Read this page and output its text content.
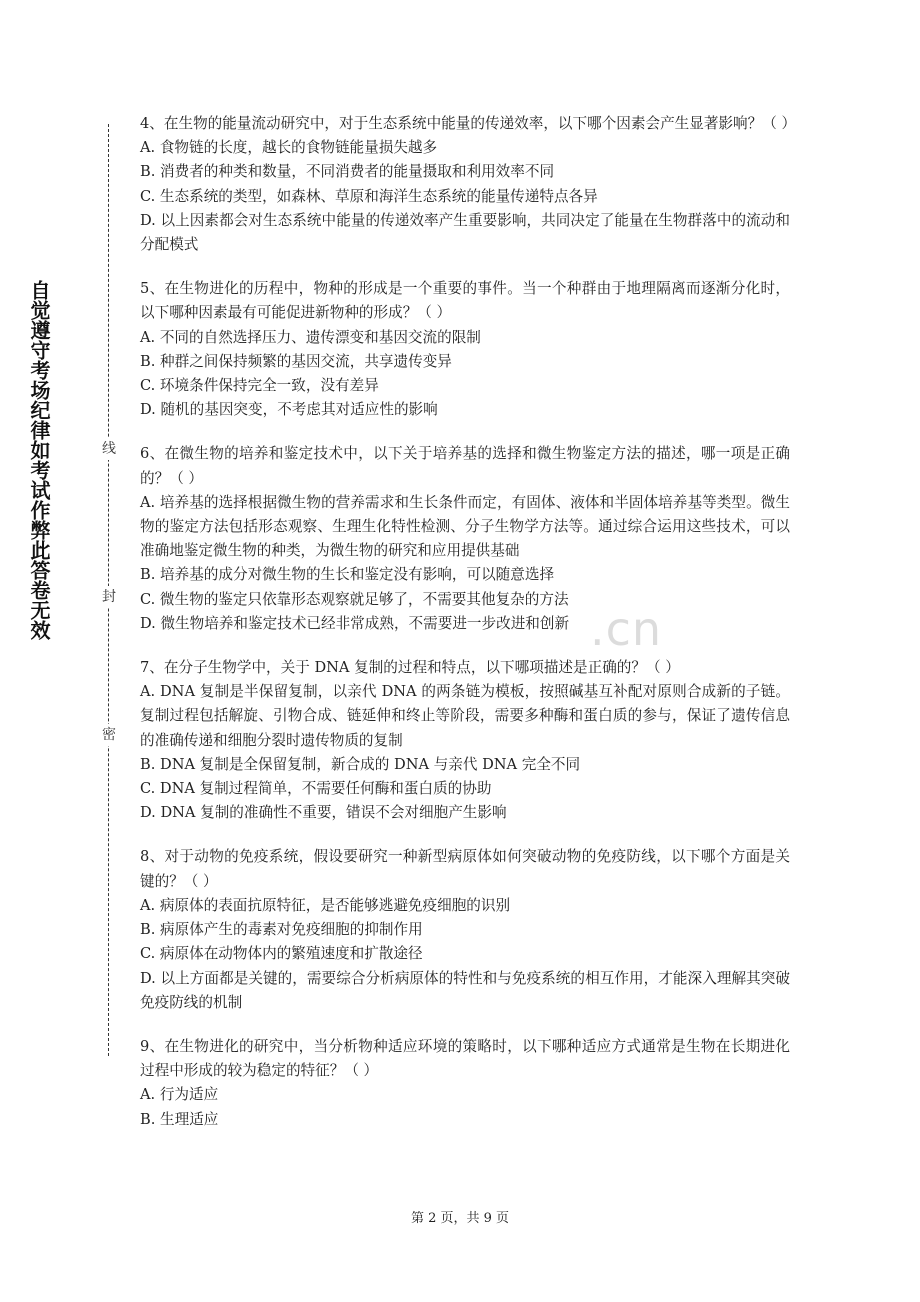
自觉遵守考场纪律如考试作弊此答卷无效	线
封
密
.cn

4、在生物的能量流动研究中，对于生态系统中能量的传递效率，以下哪个因素会产生显著影响？（ ）

A. 食物链的长度，越长的食物链能量损失越多

B. 消费者的种类和数量，不同消费者的能量摄取和利用效率不同

C. 生态系统的类型，如森林、草原和海洋生态系统的能量传递特点各异

D. 以上因素都会对生态系统中能量的传递效率产生重要影响，共同决定了能量在生物群落中的流动和分配模式

5、在生物进化的历程中，物种的形成是一个重要的事件。当一个种群由于地理隔离而逐渐分化时，以下哪种因素最有可能促进新物种的形成？（ ）

A. 不同的自然选择压力、遗传漂变和基因交流的限制

B. 种群之间保持频繁的基因交流，共享遗传变异

C. 环境条件保持完全一致，没有差异

D. 随机的基因突变，不考虑其对适应性的影响

6、在微生物的培养和鉴定技术中，以下关于培养基的选择和微生物鉴定方法的描述，哪一项是正确的？（ ）

A. 培养基的选择根据微生物的营养需求和生长条件而定，有固体、液体和半固体培养基等类型。微生物的鉴定方法包括形态观察、生理生化特性检测、分子生物学方法等。通过综合运用这些技术，可以准确地鉴定微生物的种类，为微生物的研究和应用提供基础

B. 培养基的成分对微生物的生长和鉴定没有影响，可以随意选择

C. 微生物的鉴定只依靠形态观察就足够了，不需要其他复杂的方法

D. 微生物培养和鉴定技术已经非常成熟，不需要进一步改进和创新

7、在分子生物学中，关于 DNA 复制的过程和特点，以下哪项描述是正确的？（ ）

A. DNA 复制是半保留复制，以亲代 DNA 的两条链为模板，按照碱基互补配对原则合成新的子链。复制过程包括解旋、引物合成、链延伸和终止等阶段，需要多种酶和蛋白质的参与，保证了遗传信息的准确传递和细胞分裂时遗传物质的复制

B. DNA 复制是全保留复制，新合成的 DNA 与亲代 DNA 完全不同

C. DNA 复制过程简单，不需要任何酶和蛋白质的协助

D. DNA 复制的准确性不重要，错误不会对细胞产生影响

8、对于动物的免疫系统，假设要研究一种新型病原体如何突破动物的免疫防线，以下哪个方面是关键的？（ ）

A. 病原体的表面抗原特征，是否能够逃避免疫细胞的识别

B. 病原体产生的毒素对免疫细胞的抑制作用

C. 病原体在动物体内的繁殖速度和扩散途径

D. 以上方面都是关键的，需要综合分析病原体的特性和与免疫系统的相互作用，才能深入理解其突破免疫防线的机制

9、在生物进化的研究中，当分析物种适应环境的策略时，以下哪种适应方式通常是生物在长期进化过程中形成的较为稳定的特征？（ ）

A. 行为适应

B. 生理适应

第 2 页，共 9 页
